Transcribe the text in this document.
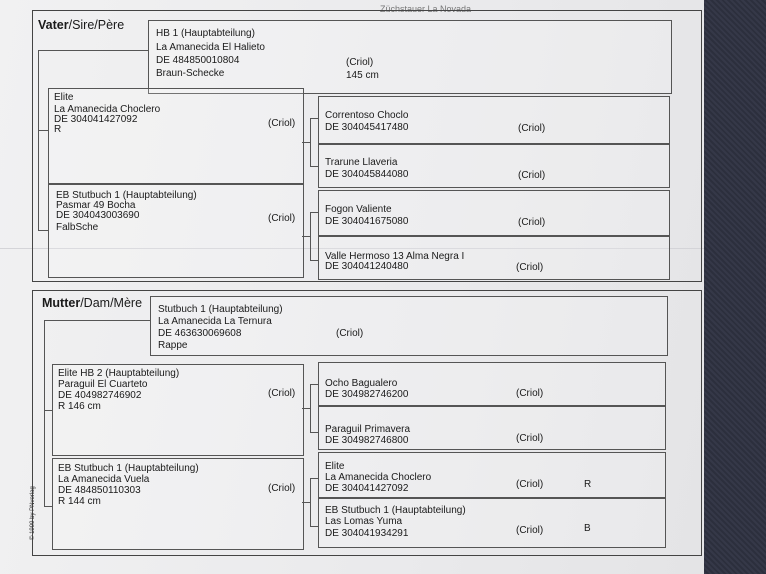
Züchstauer La Novada
Vater/Sire/Père
HB 1 (Hauptabteilung)
La Amanecida El Halieto
DE 484850010804
Braun-Schecke
(Criol)
145 cm
Elite
La Amanecida Choclero
DE 304041427092
R
(Criol)
EB Stutbuch 1 (Hauptabteilung)
Pasmar 49 Bocha
DE 304043003690
FalbSche
(Criol)
Correntoso Choclo
DE 304045417480	(Criol)
Trarune Llaveria
DE 304045844080	(Criol)
Fogon Valiente
DE 304041675080	(Criol)
Valle Hermoso 13 Alma Negra I
DE 304041240480	(Criol)
Mutter/Dam/Mère Stutbuch 1 (Hauptabteilung)
La Amanecida La Ternura
DE 463630069608
Rappe
(Criol)
Elite HB 2 (Hauptabteilung)
Paraguil El Cuarteto
DE 404982746902
R 146 cm
(Criol)
EB Stutbuch 1 (Hauptabteilung)
La Amanecida Vuela
DE 484850110303
R 144 cm
(Criol)
Ocho Bagualero
DE 304982746200	(Criol)
Paraguil Primavera
DE 304982746800	(Criol)
Elite
La Amanecida Choclero
DE 304041427092	(Criol)	R
EB Stutbuch 1 (Hauptabteilung)
Las Lomas Yuma
DE 304041934291	(Criol)	B
© 1999 by PNverlag
